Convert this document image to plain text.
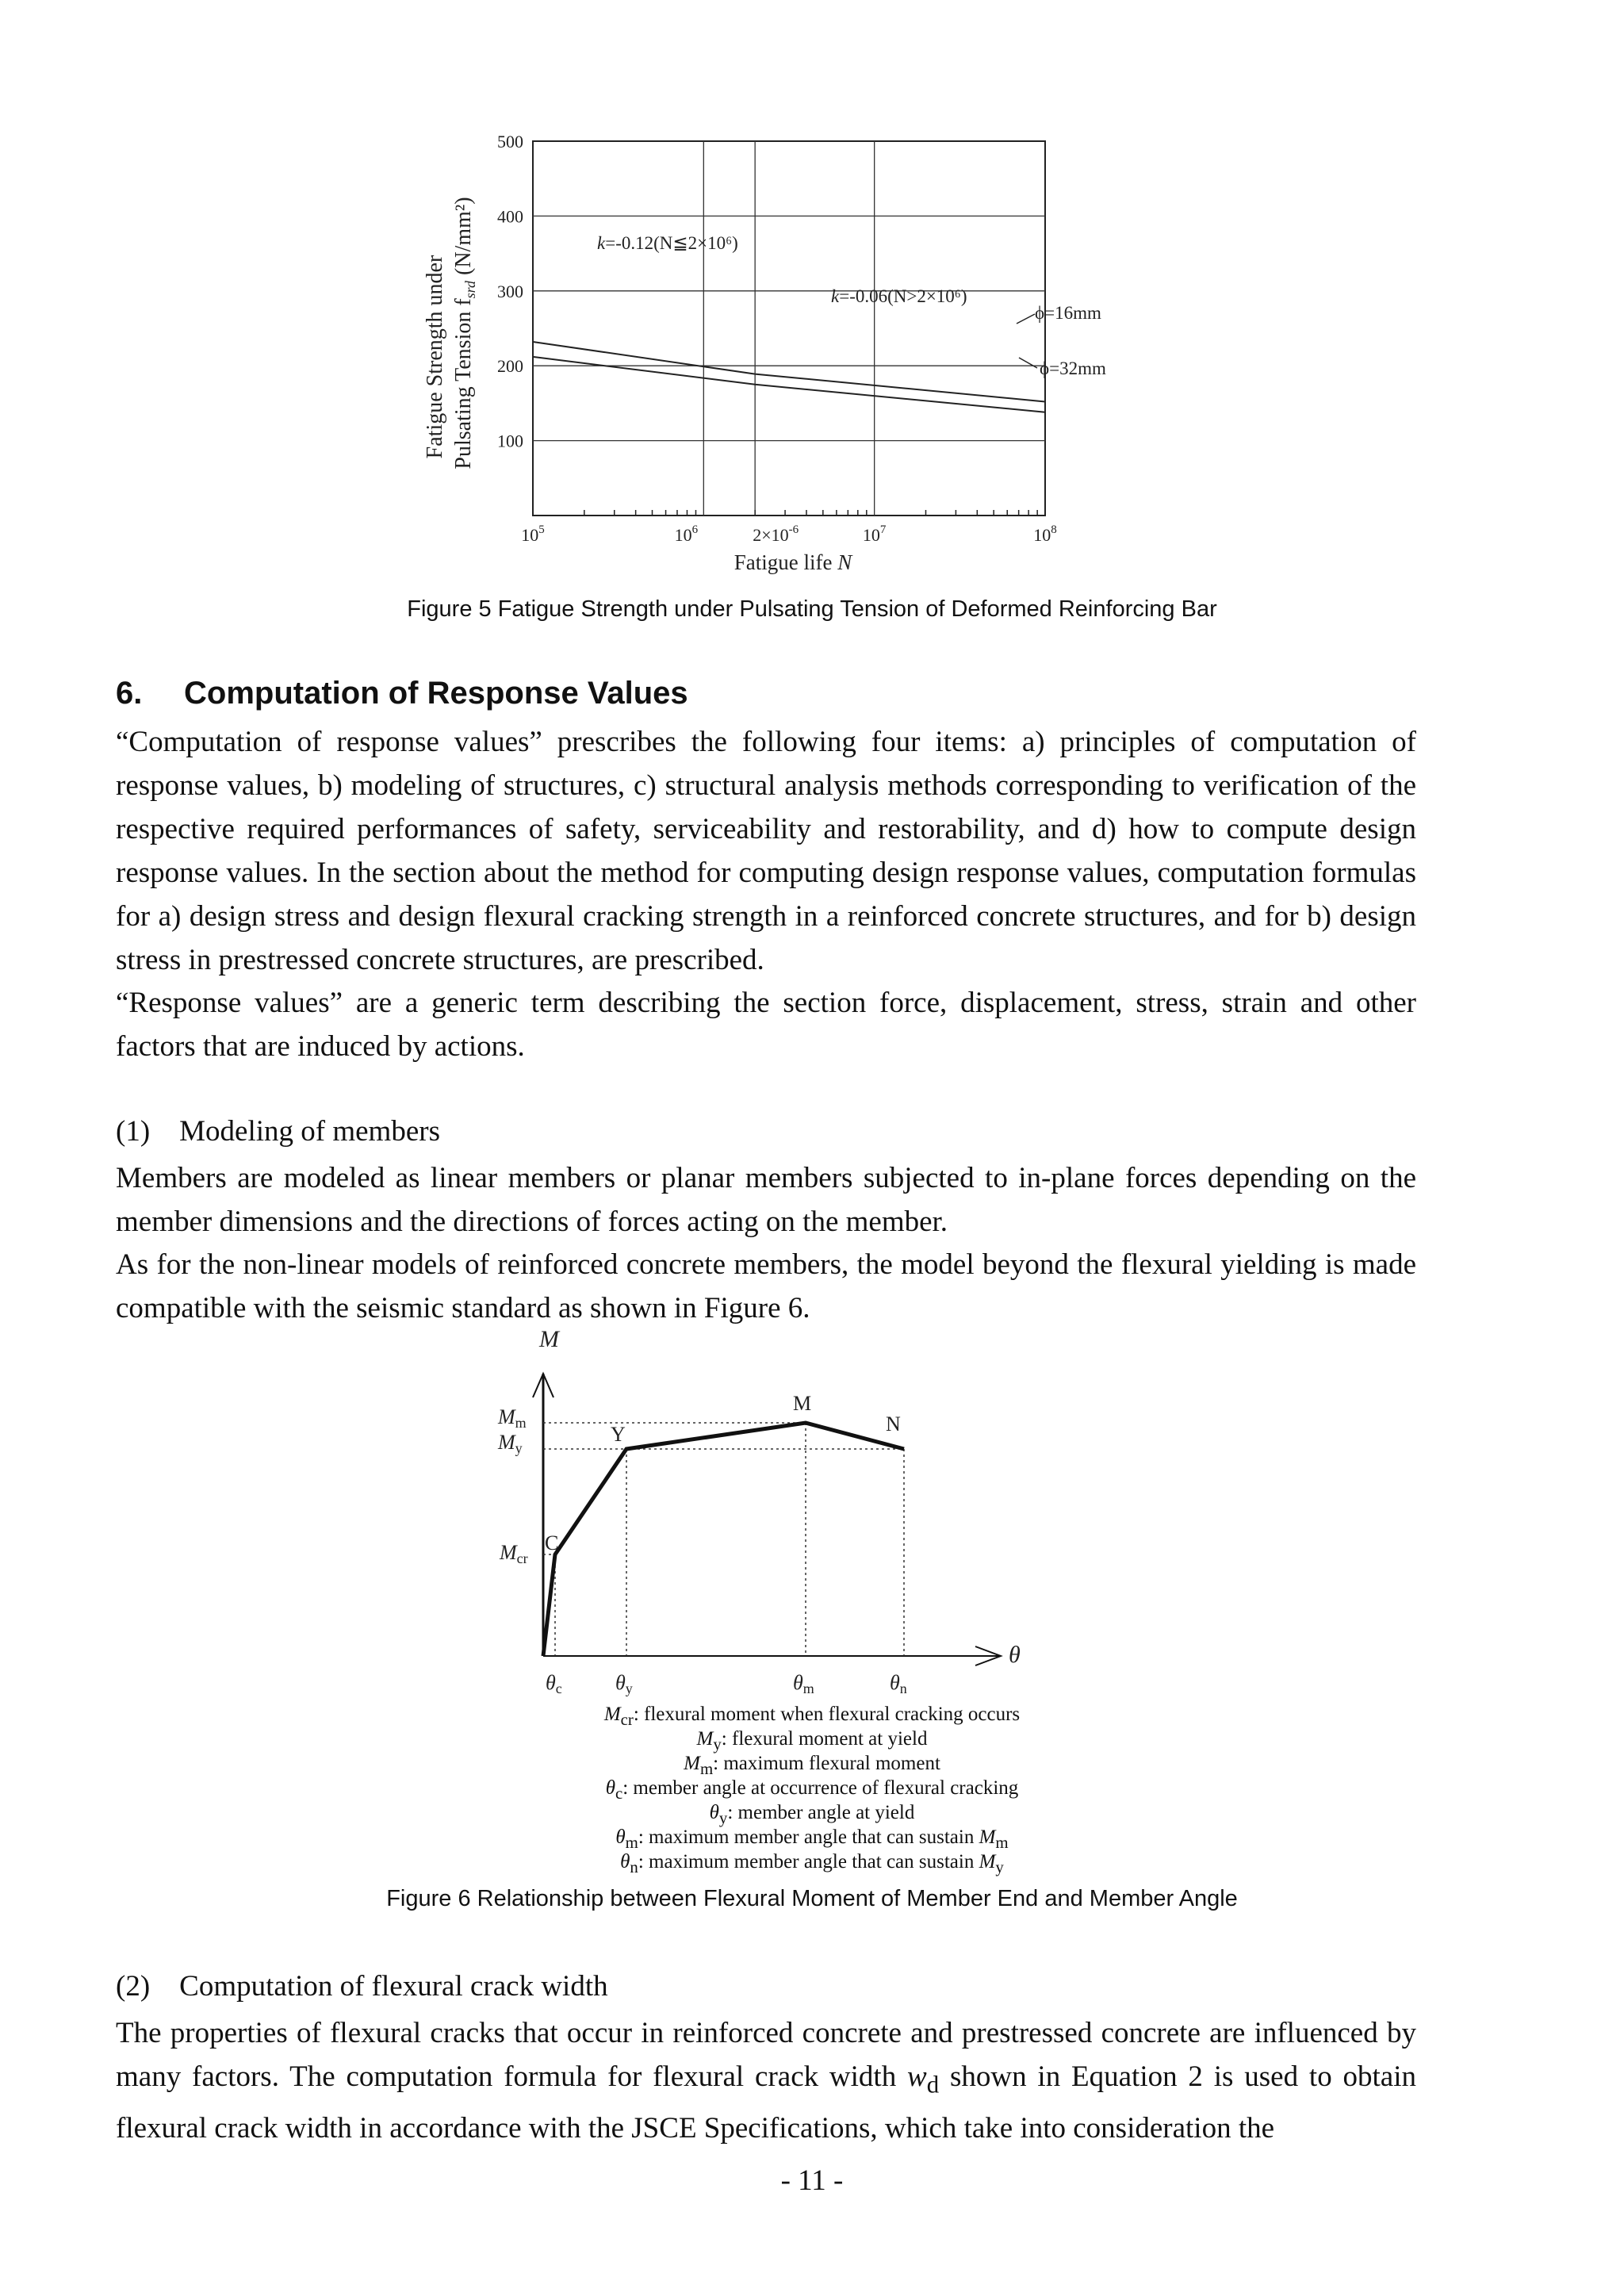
100
200
300
400
500
$10^5$	$10^6$	$2\times 10^{-6}$	$10^7$	$10^8$
Fatigue Strength under Pulsating Tension $f_{srd}$ (N/mm²)	k=-0.12(N≦2×10⁶)
k=-0.06(N>2×10⁶)
ϕ=16mm
ϕ=32mm
Fatigue life N
Figure 5 Fatigue Strength under Pulsating Tension of Deformed Reinforcing Bar
6. Computation of Response Values

“Computation of response values” prescribes the following four items: a) principles of computation of response values, b) modeling of structures, c) structural analysis methods corresponding to verification of the respective required performances of safety, serviceability and restorability, and d) how to compute design response values. In the section about the method for computing design response values, computation formulas for a) design stress and design flexural cracking strength in a reinforced concrete structures, and for b) design stress in prestressed concrete structures, are prescribed.

“Response values” are a generic term describing the section force, displacement, stress, strain and other factors that are induced by actions.

(1) Modeling of members

Members are modeled as linear members or planar members subjected to in-plane forces depending on the member dimensions and the directions of forces acting on the member.

As for the non-linear models of reinforced concrete members, the model beyond the flexural yielding is made compatible with the seismic standard as shown in Figure 6.

M
θ
C
Y
M
N
Mm
My
Mcr
θc	θy	θm	θn
$M_{cr}$: flexural moment when flexural cracking occurs
$M_y$: flexural moment at yield
$M_m$: maximum flexural moment
$\theta_c$: member angle at occurrence of flexural cracking
$\theta_y$: member angle at yield
$\theta_m$: maximum member angle that can sustain $M_m$
$\theta_n$: maximum member angle that can sustain $M_y$
Figure 6 Relationship between Flexural Moment of Member End and Member Angle

(2) Computation of flexural crack width

The properties of flexural cracks that occur in reinforced concrete and prestressed concrete are influenced by many factors. The computation formula for flexural crack width $w_d$ shown in Equation 2 is used to obtain flexural crack width in accordance with the JSCE Specifications, which take into consideration the

- 11 -
